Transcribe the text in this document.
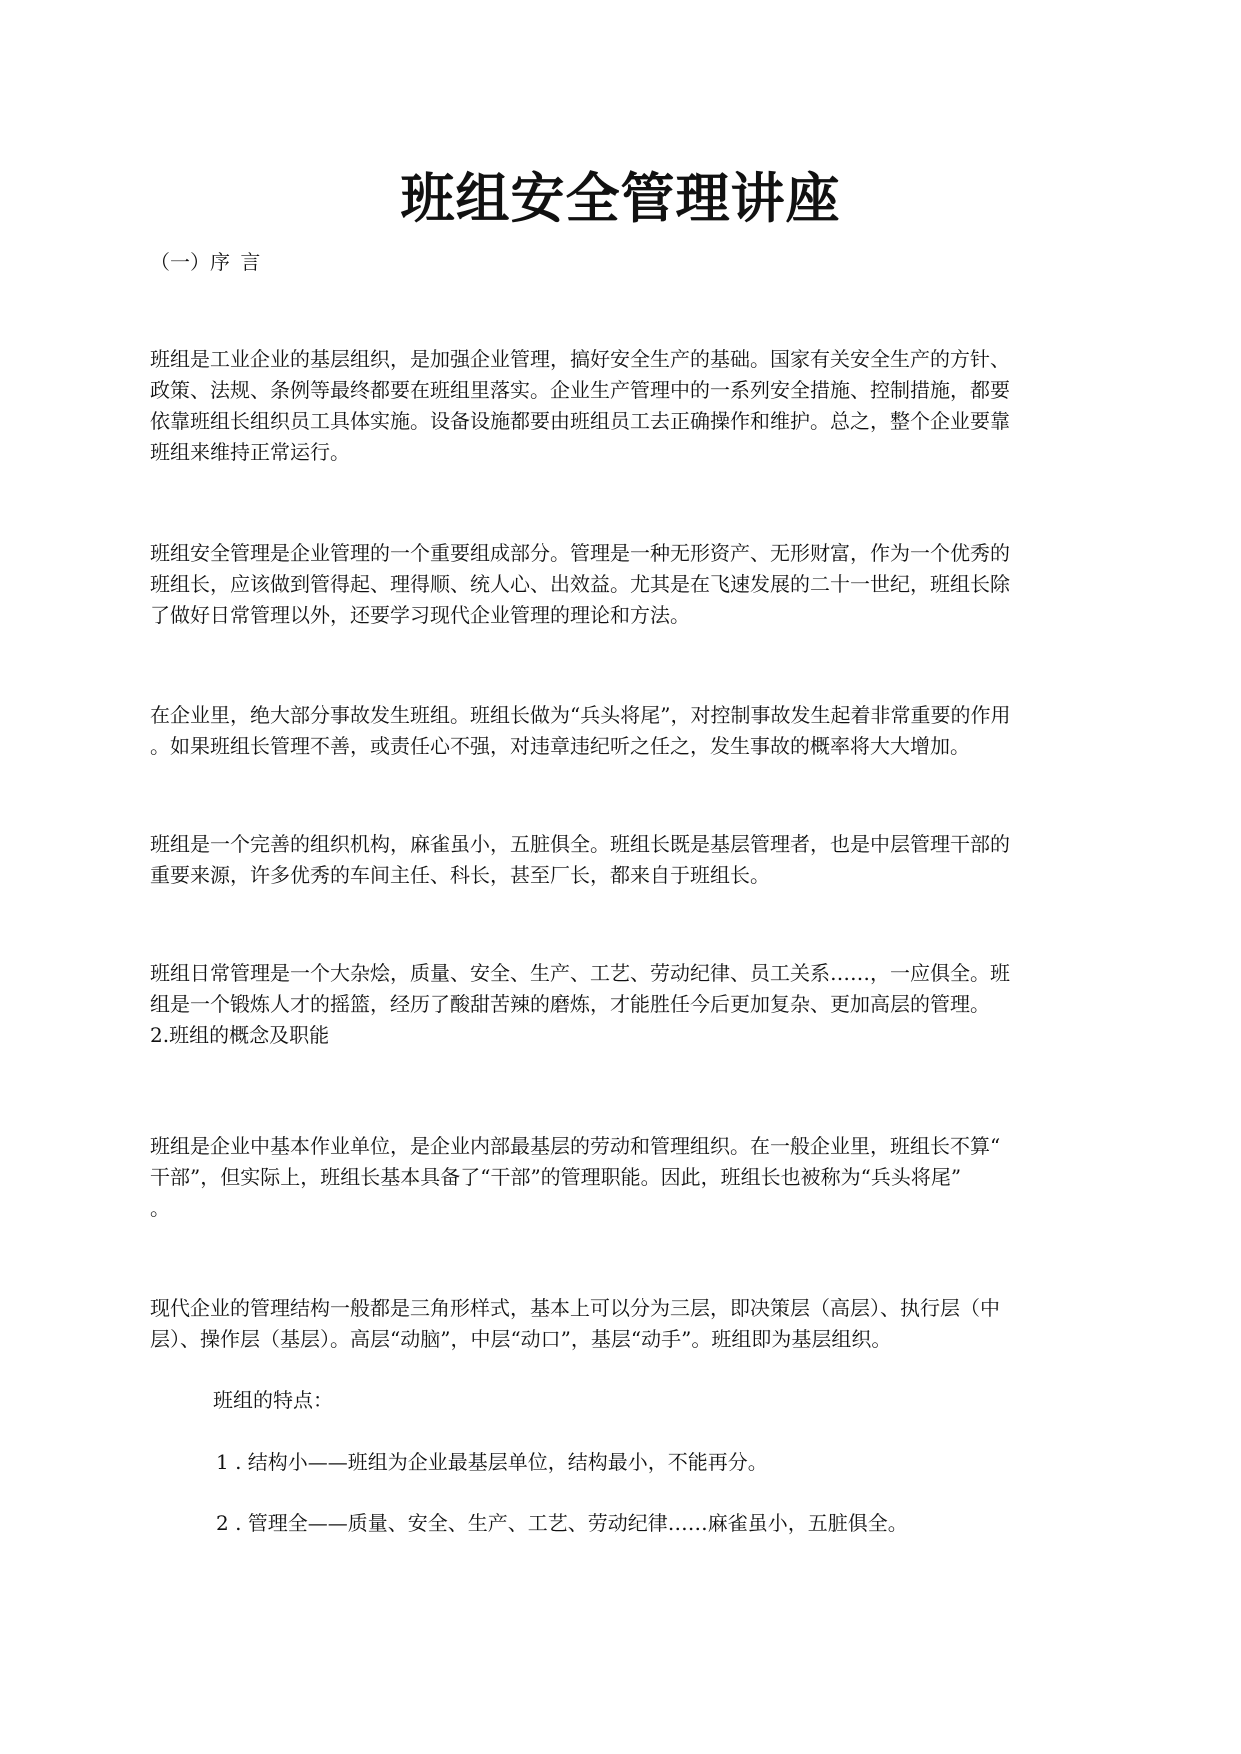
班组安全管理讲座
（一）序 言
班组是工业企业的基层组织，是加强企业管理，搞好安全生产的基础。国家有关安全生产的方针、
政策、法规、条例等最终都要在班组里落实。企业生产管理中的一系列安全措施、控制措施，都要
依靠班组长组织员工具体实施。设备设施都要由班组员工去正确操作和维护。总之，整个企业要靠
班组来维持正常运行。
班组安全管理是企业管理的一个重要组成部分。管理是一种无形资产、无形财富，作为一个优秀的
班组长，应该做到管得起、理得顺、统人心、出效益。尤其是在飞速发展的二十一世纪，班组长除
了做好日常管理以外，还要学习现代企业管理的理论和方法。
在企业里，绝大部分事故发生班组。班组长做为“兵头将尾”，对控制事故发生起着非常重要的作用
。如果班组长管理不善，或责任心不强，对违章违纪听之任之，发生事故的概率将大大增加。
班组是一个完善的组织机构，麻雀虽小，五脏俱全。班组长既是基层管理者，也是中层管理干部的
重要来源，许多优秀的车间主任、科长，甚至厂长，都来自于班组长。
班组日常管理是一个大杂烩，质量、安全、生产、工艺、劳动纪律、员工关系……，一应俱全。班
组是一个锻炼人才的摇篮，经历了酸甜苦辣的磨炼，才能胜任今后更加复杂、更加高层的管理。
2.班组的概念及职能
班组是企业中基本作业单位，是企业内部最基层的劳动和管理组织。在一般企业里，班组长不算“
干部”，但实际上，班组长基本具备了“干部”的管理职能。因此，班组长也被称为“兵头将尾”
。
现代企业的管理结构一般都是三角形样式，基本上可以分为三层，即决策层（高层）、执行层（中
层）、操作层（基层）。高层“动脑”，中层“动口”，基层“动手”。班组即为基层组织。
班组的特点：
1 . 结构小——班组为企业最基层单位，结构最小，不能再分。
2 . 管理全——质量、安全、生产、工艺、劳动纪律……麻雀虽小，五脏俱全。
